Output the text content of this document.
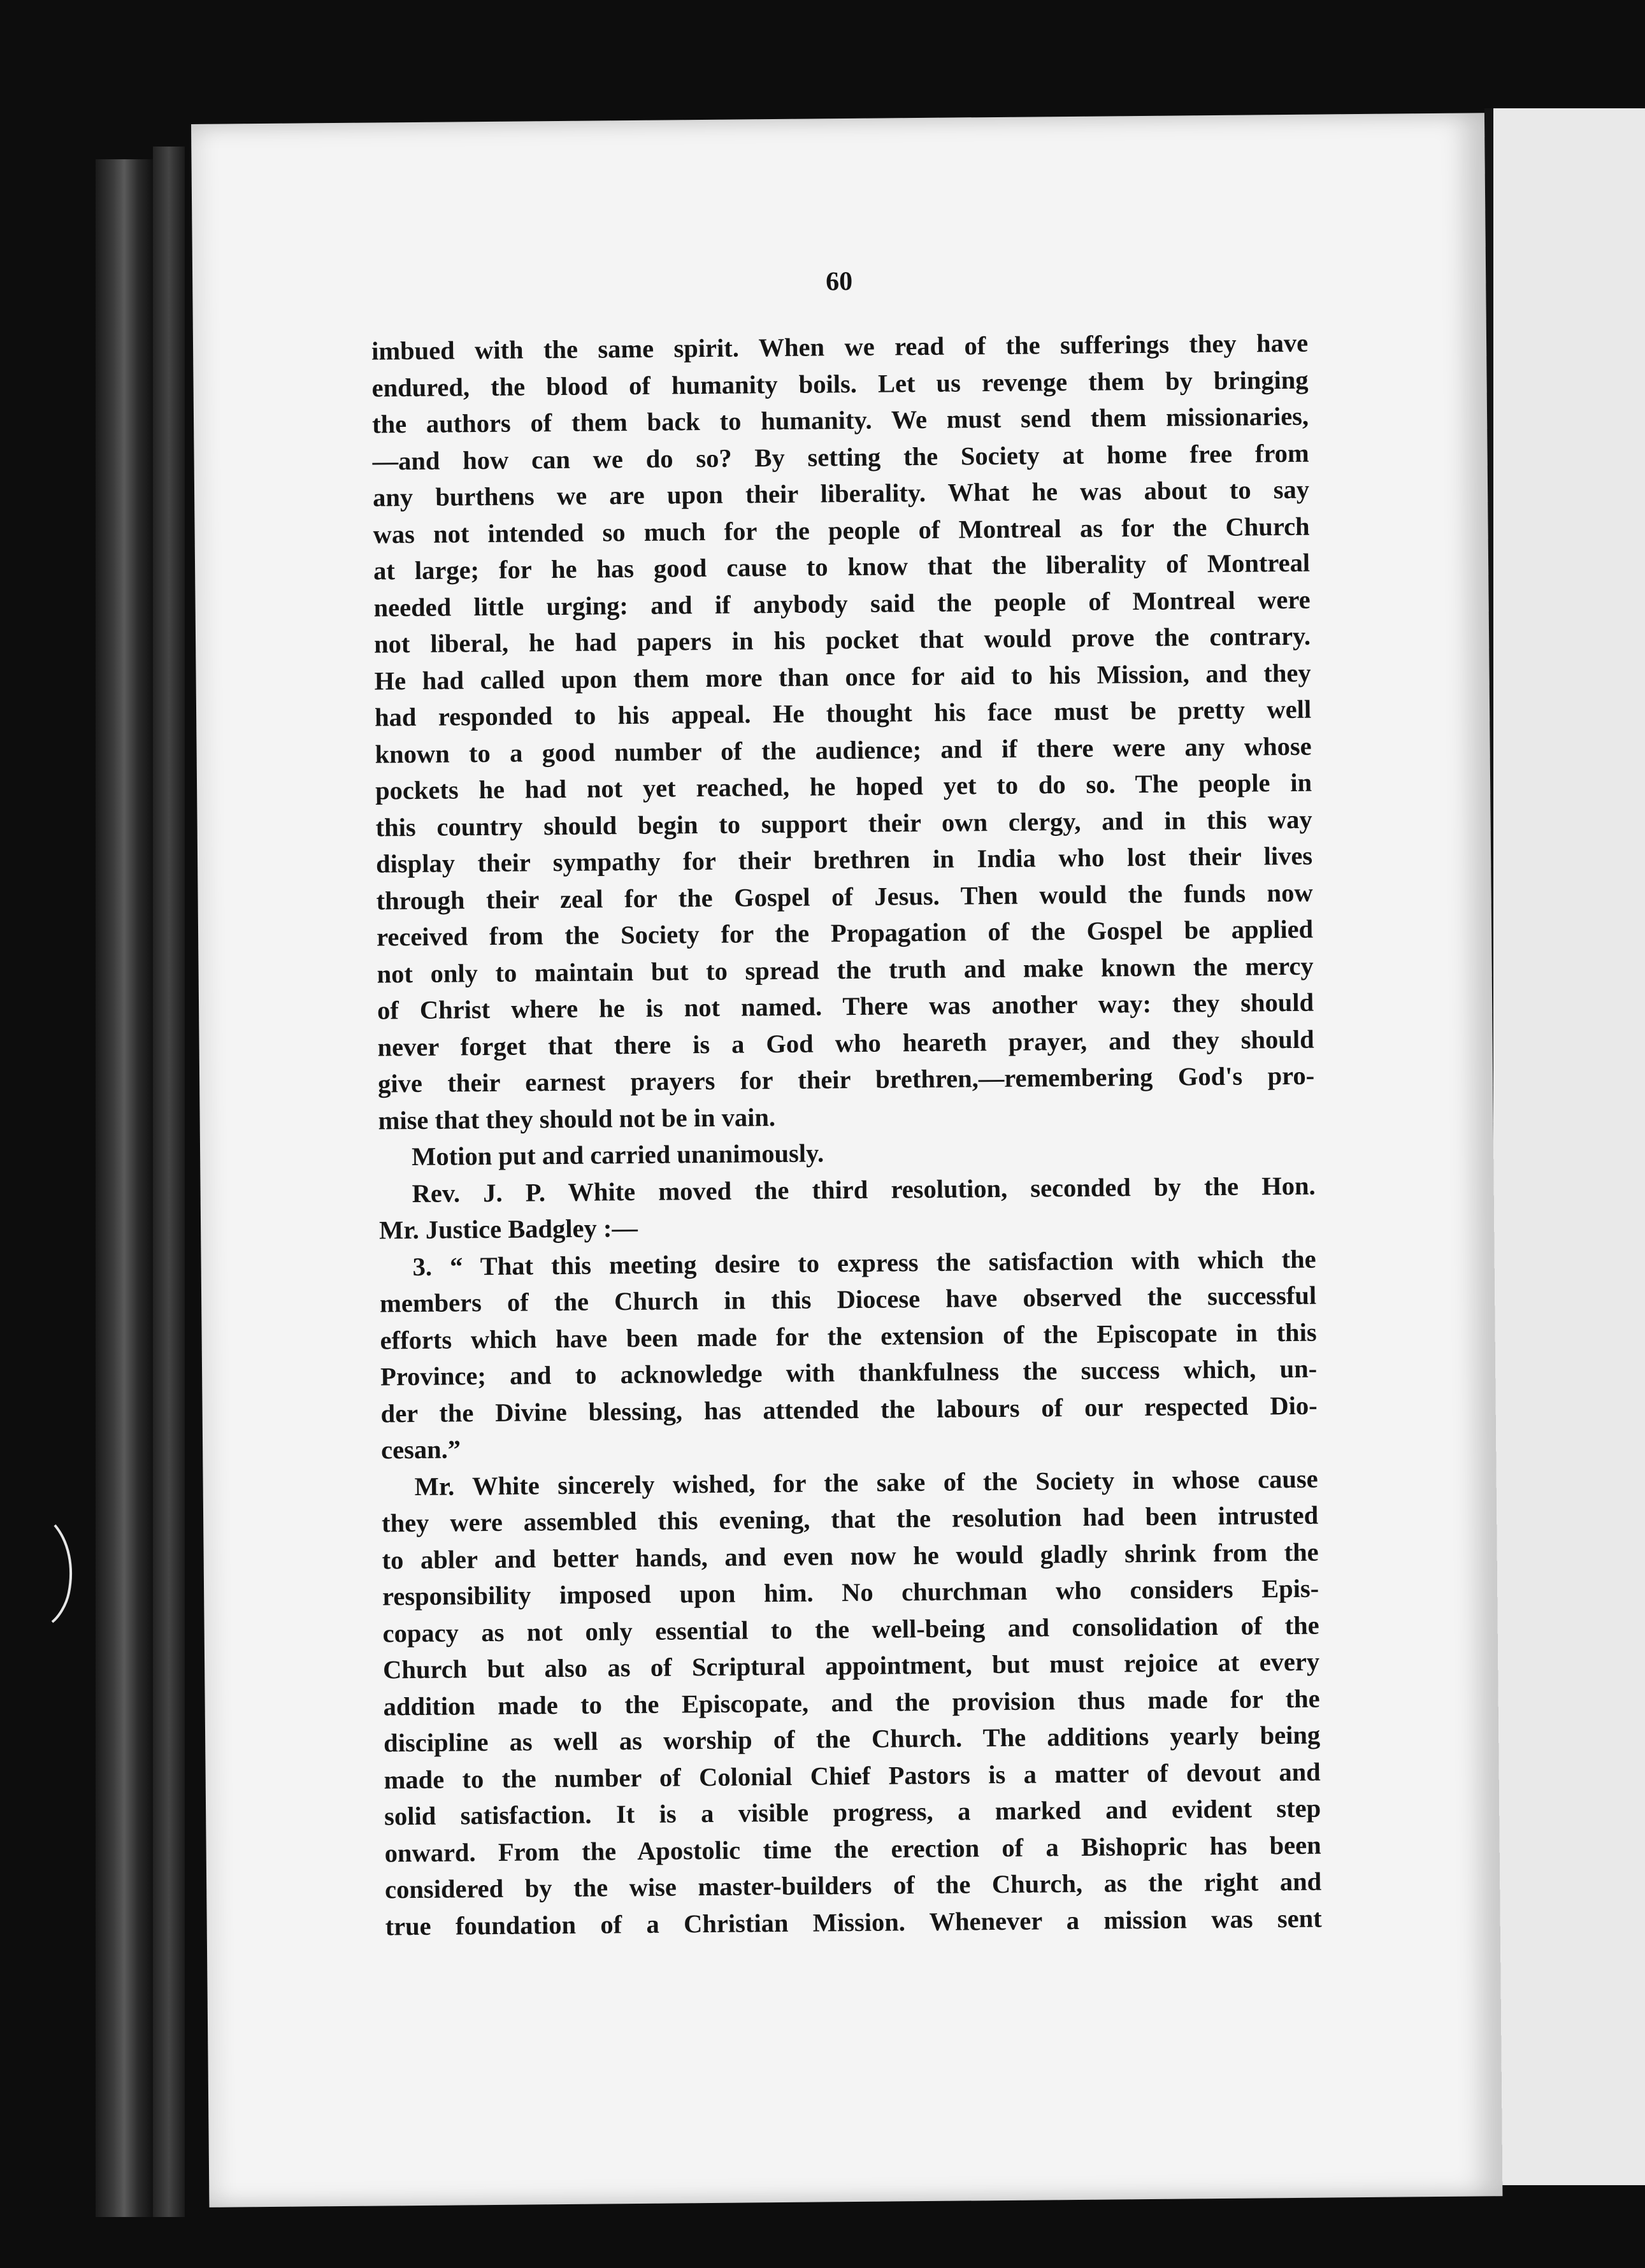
60

imbued with the same spirit. When we read of the sufferings they have

endured, the blood of humanity boils. Let us revenge them by bringing

the authors of them back to humanity. We must send them missionaries,

—and how can we do so? By setting the Society at home free from

any burthens we are upon their liberality. What he was about to say

was not intended so much for the people of Montreal as for the Church

at large; for he has good cause to know that the liberality of Montreal

needed little urging: and if anybody said the people of Montreal were

not liberal, he had papers in his pocket that would prove the contrary.

He had called upon them more than once for aid to his Mission, and they

had responded to his appeal. He thought his face must be pretty well

known to a good number of the audience; and if there were any whose

pockets he had not yet reached, he hoped yet to do so. The people in

this country should begin to support their own clergy, and in this way

display their sympathy for their brethren in India who lost their lives

through their zeal for the Gospel of Jesus. Then would the funds now

received from the Society for the Propagation of the Gospel be applied

not only to maintain but to spread the truth and make known the mercy

of Christ where he is not named. There was another way: they should

never forget that there is a God who heareth prayer, and they should

give their earnest prayers for their brethren,—remembering God's pro-

mise that they should not be in vain.

Motion put and carried unanimously.

Rev. J. P. White moved the third resolution, seconded by the Hon.

Mr. Justice Badgley :—

3. “ That this meeting desire to express the satisfaction with which the

members of the Church in this Diocese have observed the successful

efforts which have been made for the extension of the Episcopate in this

Province; and to acknowledge with thankfulness the success which, un-

der the Divine blessing, has attended the labours of our respected Dio-

cesan.”

Mr. White sincerely wished, for the sake of the Society in whose cause

they were assembled this evening, that the resolution had been intrusted

to abler and better hands, and even now he would gladly shrink from the

responsibility imposed upon him. No churchman who considers Epis-

copacy as not only essential to the well-being and consolidation of the

Church but also as of Scriptural appointment, but must rejoice at every

addition made to the Episcopate, and the provision thus made for the

discipline as well as worship of the Church. The additions yearly being

made to the number of Colonial Chief Pastors is a matter of devout and

solid satisfaction. It is a visible progress, a marked and evident step

onward. From the Apostolic time the erection of a Bishopric has been

considered by the wise master-builders of the Church, as the right and

true foundation of a Christian Mission. Whenever a mission was sent
